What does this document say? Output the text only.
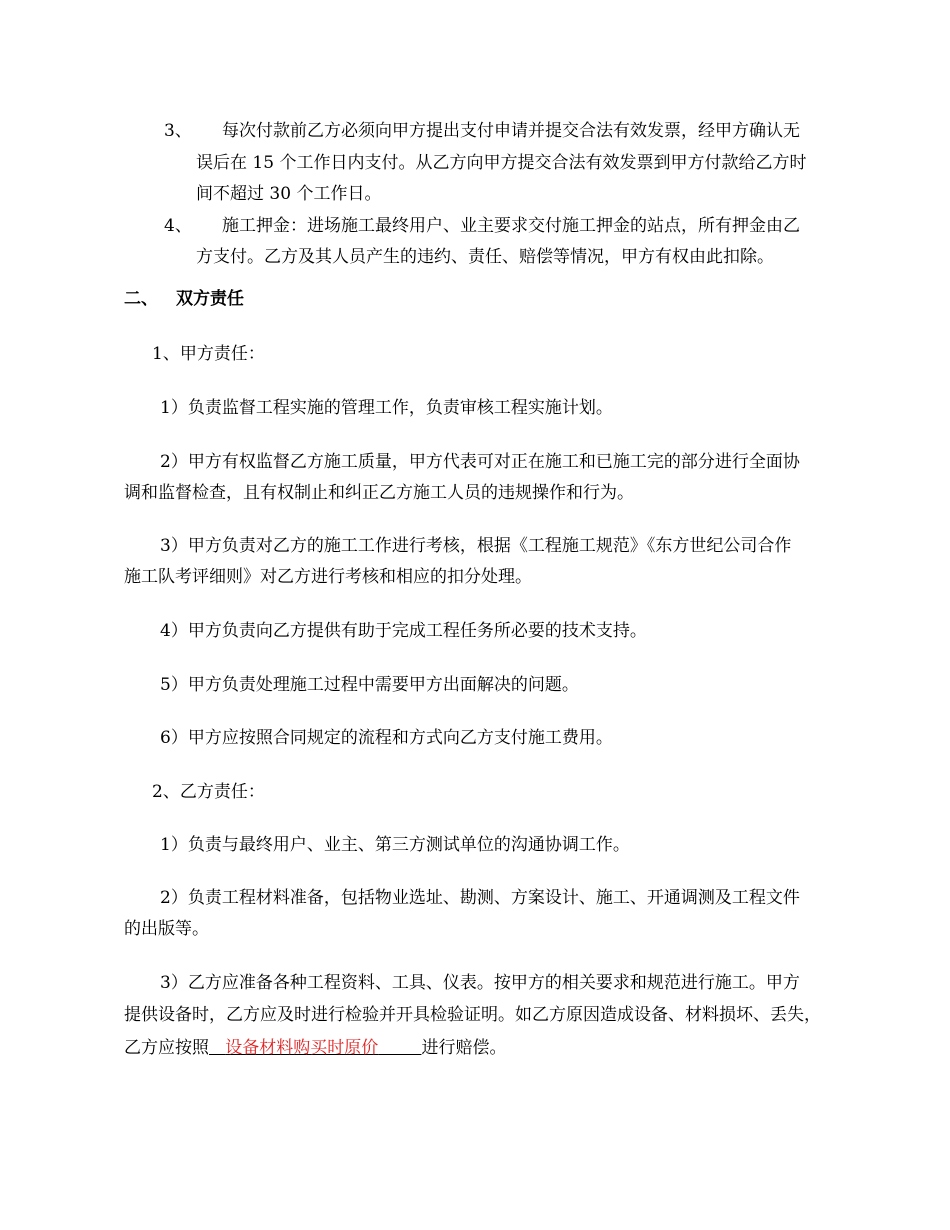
3、 每次付款前乙方必须向甲方提出支付申请并提交合法有效发票，经甲方确认无
误后在 15 个工作日内支付。从乙方向甲方提交合法有效发票到甲方付款给乙方时
间不超过 30 个工作日。
4、 施工押金：进场施工最终用户、业主要求交付施工押金的站点，所有押金由乙
方支付。乙方及其人员产生的违约、责任、赔偿等情况，甲方有权由此扣除。
二、 双方责任
1、甲方责任：
1）负责监督工程实施的管理工作，负责审核工程实施计划。
2）甲方有权监督乙方施工质量，甲方代表可对正在施工和已施工完的部分进行全面协
调和监督检查，且有权制止和纠正乙方施工人员的违规操作和行为。
3）甲方负责对乙方的施工工作进行考核，根据《工程施工规范》《东方世纪公司合作
施工队考评细则》对乙方进行考核和相应的扣分处理。
4）甲方负责向乙方提供有助于完成工程任务所必要的技术支持。
5）甲方负责处理施工过程中需要甲方出面解决的问题。
6）甲方应按照合同规定的流程和方式向乙方支付施工费用。
2、乙方责任：
1）负责与最终用户、业主、第三方测试单位的沟通协调工作。
2）负责工程材料准备，包括物业选址、勘测、方案设计、施工、开通调测及工程文件
的出版等。
3）乙方应准备各种工程资料、工具、仪表。按甲方的相关要求和规范进行施工。甲方
提供设备时，乙方应及时进行检验并开具检验证明。如乙方原因造成设备、材料损坏、丢失，
乙方应按照 设备材料购买时原价	进行赔偿。
